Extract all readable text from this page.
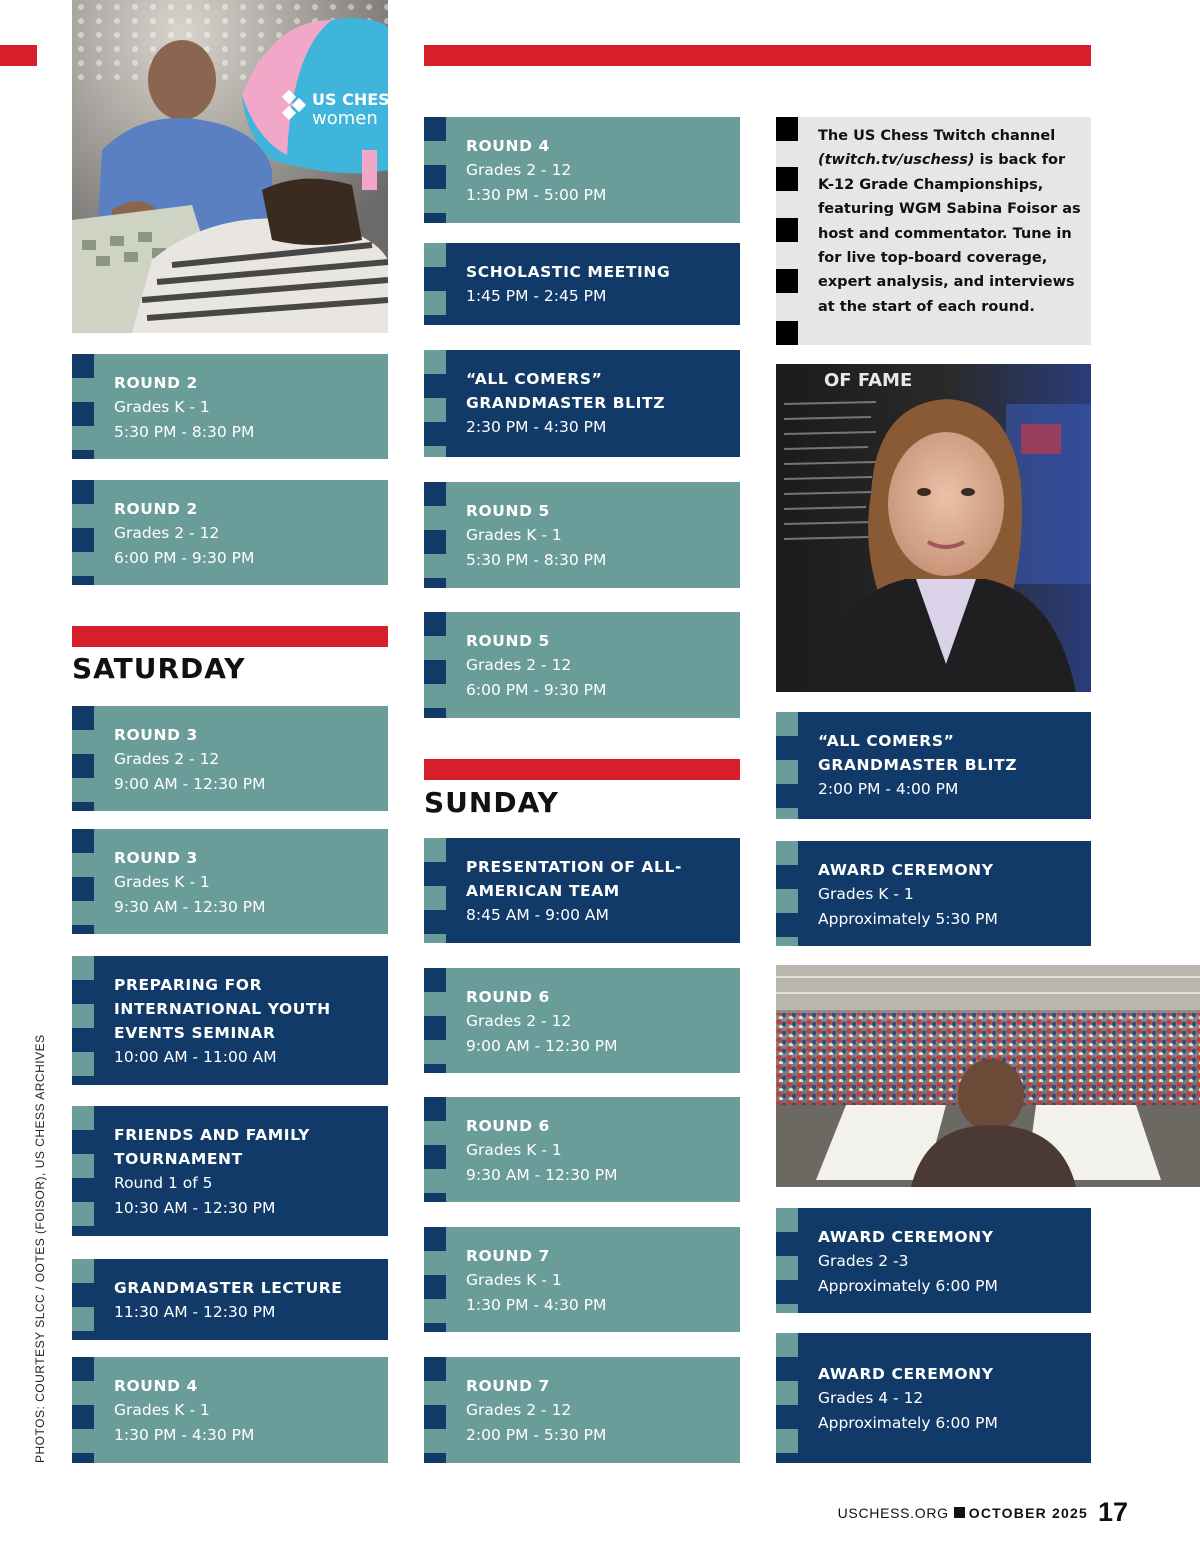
US CHESS
women
ROUND 2
Grades K - 1
5:30 PM - 8:30 PM
ROUND 2
Grades 2 - 12
6:00 PM - 9:30 PM
SATURDAY
ROUND 3
Grades 2 - 12
9:00 AM - 12:30 PM
ROUND 3
Grades K - 1
9:30 AM - 12:30 PM
PREPARING FOR INTERNATIONAL YOUTH EVENTS SEMINAR
10:00 AM - 11:00 AM
FRIENDS AND FAMILY TOURNAMENT
Round 1 of 5
10:30 AM - 12:30 PM
GRANDMASTER LECTURE
11:30 AM - 12:30 PM
ROUND 4
Grades K - 1
1:30 PM - 4:30 PM
ROUND 4
Grades 2 - 12
1:30 PM - 5:00 PM
SCHOLASTIC MEETING
1:45 PM - 2:45 PM
“ALL COMERS” GRANDMASTER BLITZ
2:30 PM - 4:30 PM
ROUND 5
Grades K - 1
5:30 PM - 8:30 PM
ROUND 5
Grades 2 - 12
6:00 PM - 9:30 PM
SUNDAY
PRESENTATION OF ALL-AMERICAN TEAM
8:45 AM - 9:00 AM
ROUND 6
Grades 2 - 12
9:00 AM - 12:30 PM
ROUND 6
Grades K - 1
9:30 AM - 12:30 PM
ROUND 7
Grades K - 1
1:30 PM - 4:30 PM
ROUND 7
Grades 2 - 12
2:00 PM - 5:30 PM
The US Chess Twitch channel (twitch.tv/uschess) is back for K-12 Grade Championships, featuring WGM Sabina Foisor as host and commentator. Tune in for live top-board coverage, expert analysis, and interviews at the start of each round.
OF FAME
“ALL COMERS” GRANDMASTER BLITZ
2:00 PM - 4:00 PM
AWARD CEREMONY
Grades K - 1
Approximately 5:30 PM
AWARD CEREMONY
Grades 2 -3
Approximately 6:00 PM
AWARD CEREMONY
Grades 4 - 12
Approximately 6:00 PM
PHOTOS: COURTESY SLCC / OOTES (FOISOR), US CHESS ARCHIVES
USCHESS.ORG OCTOBER 2025 17
